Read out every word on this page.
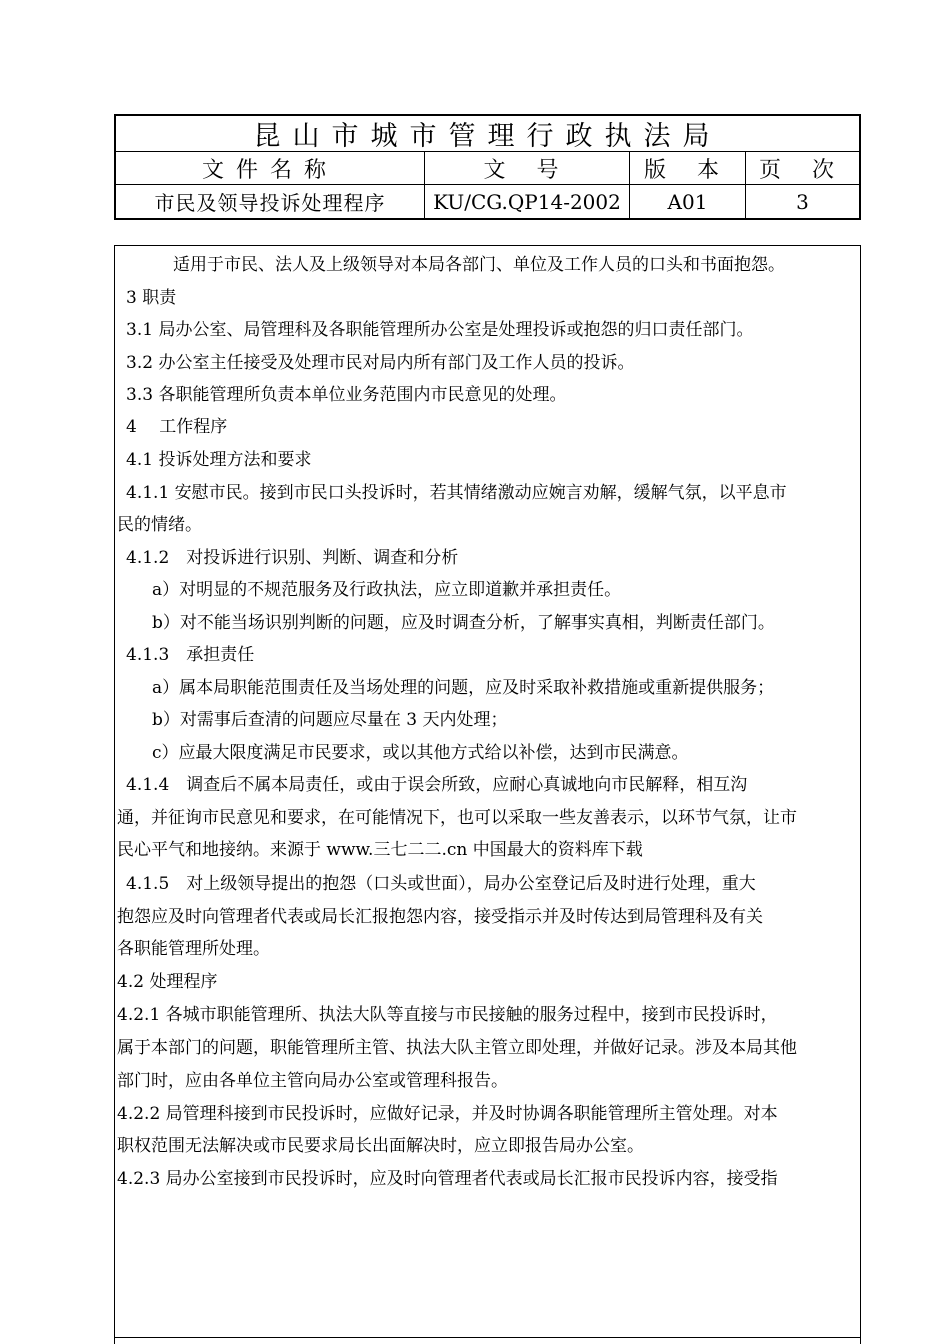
昆山市城市管理行政执法局
文件名称	文 号	版 本	页 次
市民及领导投诉处理程序	KU/CG.QP14-2002	A01	3
适用于市民、法人及上级领导对本局各部门、单位及工作人员的口头和书面抱怨。
3 职责
3.1 局办公室、局管理科及各职能管理所办公室是处理投诉或抱怨的归口责任部门。
3.2 办公室主任接受及处理市民对局内所有部门及工作人员的投诉。
3.3 各职能管理所负责本单位业务范围内市民意见的处理。
4　 工作程序
4.1 投诉处理方法和要求
4.1.1 安慰市民。接到市民口头投诉时，若其情绪激动应婉言劝解，缓解气氛，以平息市
民的情绪。
4.1.2　对投诉进行识别、判断、调查和分析
a）对明显的不规范服务及行政执法，应立即道歉并承担责任。
b）对不能当场识别判断的问题，应及时调查分析，了解事实真相，判断责任部门。
4.1.3　承担责任
a）属本局职能范围责任及当场处理的问题，应及时采取补救措施或重新提供服务；
b）对需事后查清的问题应尽量在 3 天内处理；
c）应最大限度满足市民要求，或以其他方式给以补偿，达到市民满意。
4.1.4　调查后不属本局责任，或由于误会所致，应耐心真诚地向市民解释，相互沟
通，并征询市民意见和要求，在可能情况下，也可以采取一些友善表示，以环节气氛，让市
民心平气和地接纳。来源于 www.三七二二.cn 中国最大的资料库下载
4.1.5　对上级领导提出的抱怨（口头或世面），局办公室登记后及时进行处理，重大
抱怨应及时向管理者代表或局长汇报抱怨内容，接受指示并及时传达到局管理科及有关
各职能管理所处理。
4.2 处理程序
4.2.1 各城市职能管理所、执法大队等直接与市民接触的服务过程中，接到市民投诉时，
属于本部门的问题，职能管理所主管、执法大队主管立即处理，并做好记录。涉及本局其他
部门时，应由各单位主管向局办公室或管理科报告。
4.2.2 局管理科接到市民投诉时，应做好记录，并及时协调各职能管理所主管处理。对本
职权范围无法解决或市民要求局长出面解决时，应立即报告局办公室。
4.2.3 局办公室接到市民投诉时，应及时向管理者代表或局长汇报市民投诉内容，接受指
